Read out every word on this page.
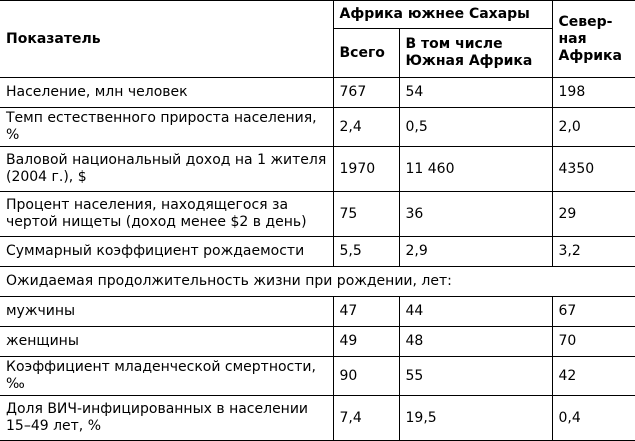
Показатель	Африка южнее Сахары		Север-ная Африка
	Всего	В том числе Южная Африка	
Население, млн человек	767	54	198
Темп естественного прироста населения, %	2,4	0,5	2,0
Валовой национальный доход на 1 жителя (2004 г.), $	1970	11 460	4350
Процент населения, находящегося за чертой нищеты (доход менее $2 в день)	75	36	29
Суммарный коэффициент рождаемости	5,5	2,9	3,2
Ожидаемая продолжительность жизни при рождении, лет:			
мужчины	47	44	67
женщины	49	48	70
Коэффициент младенческой смертности, ‰	90	55	42
Доля ВИЧ-инфицированных в населении 15–49 лет, %	7,4	19,5	0,4
